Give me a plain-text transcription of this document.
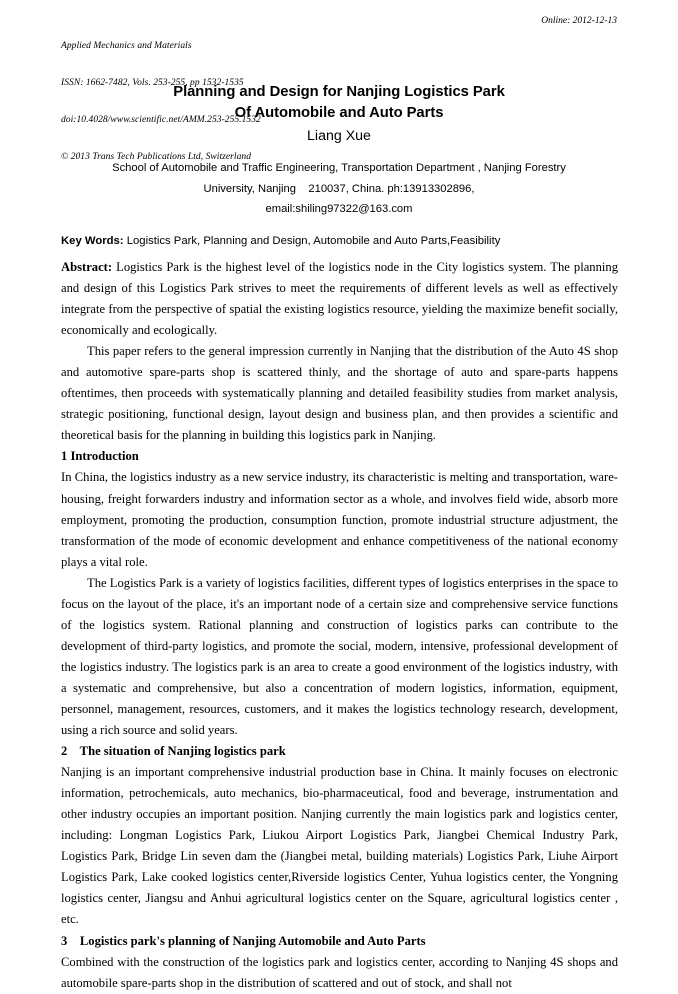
Applied Mechanics and Materials

ISSN: 1662-7482, Vols. 253-255, pp 1532-1535

doi:10.4028/www.scientific.net/AMM.253-255.1532

© 2013 Trans Tech Publications Ltd, Switzerland

Online: 2012-12-13
Planning and Design for Nanjing Logistics Park
Of Automobile and Auto Parts
Liang Xue
School of Automobile and Traffic Engineering, Transportation Department , Nanjing Forestry
University, Nanjing    210037, China. ph:13913302896,
email:shiling97322@163.com
Key Words: Logistics Park, Planning and Design, Automobile and Auto Parts,Feasibility

Abstract: Logistics Park is the highest level of the logistics node in the City logistics system. The planning and design of this Logistics Park strives to meet the requirements of different levels as well as effectively integrate from the perspective of spatial the existing logistics resource, yielding the maximize benefit socially, economically and ecologically.

This paper refers to the general impression currently in Nanjing that the distribution of the Auto 4S shop and automotive spare-parts shop is scattered thinly, and the shortage of auto and spare-parts happens oftentimes, then proceeds with systematically planning and detailed feasibility studies from market analysis, strategic positioning, functional design, layout design and business plan, and then provides a scientific and theoretical basis for the planning in building this logistics park in Nanjing.

1 Introduction

In China, the logistics industry as a new service industry, its characteristic is melting and transportation, ware-housing, freight forwarders industry and information sector as a whole, and involves field wide, absorb more employment, promoting the production, consumption function, promote industrial structure adjustment, the transformation of the mode of economic development and enhance competitiveness of the national economy plays a vital role.

The Logistics Park is a variety of logistics facilities, different types of logistics enterprises in the space to focus on the layout of the place, it's an important node of a certain size and comprehensive service functions of the logistics system. Rational planning and construction of logistics parks can contribute to the development of third-party logistics, and promote the social, modern, intensive, professional development of the logistics industry. The logistics park is an area to create a good environment of the logistics industry, with a systematic and comprehensive, but also a concentration of modern logistics, information, equipment, personnel, management, resources, customers, and it makes the logistics technology research, development, using a rich source and solid years.

2    The situation of Nanjing logistics park

Nanjing is an important comprehensive industrial production base in China. It mainly focuses on electronic information, petrochemicals, auto mechanics, bio-pharmaceutical, food and beverage, instrumentation and other industry occupies an important position. Nanjing currently the main logistics park and logistics center, including: Longman Logistics Park, Liukou Airport Logistics Park, Jiangbei Chemical Industry Park, Logistics Park, Bridge Lin seven dam the (Jiangbei metal, building materials) Logistics Park, Liuhe Airport Logistics Park, Lake cooked logistics center,Riverside logistics Center, Yuhua logistics center, the Yongning logistics center, Jiangsu and Anhui agricultural logistics center on the Square, agricultural logistics center , etc.

3    Logistics park's planning of Nanjing Automobile and Auto Parts

Combined with the construction of the logistics park and logistics center, according to Nanjing 4S shops and automobile spare-parts shop in the distribution of scattered and out of stock, and shall not
